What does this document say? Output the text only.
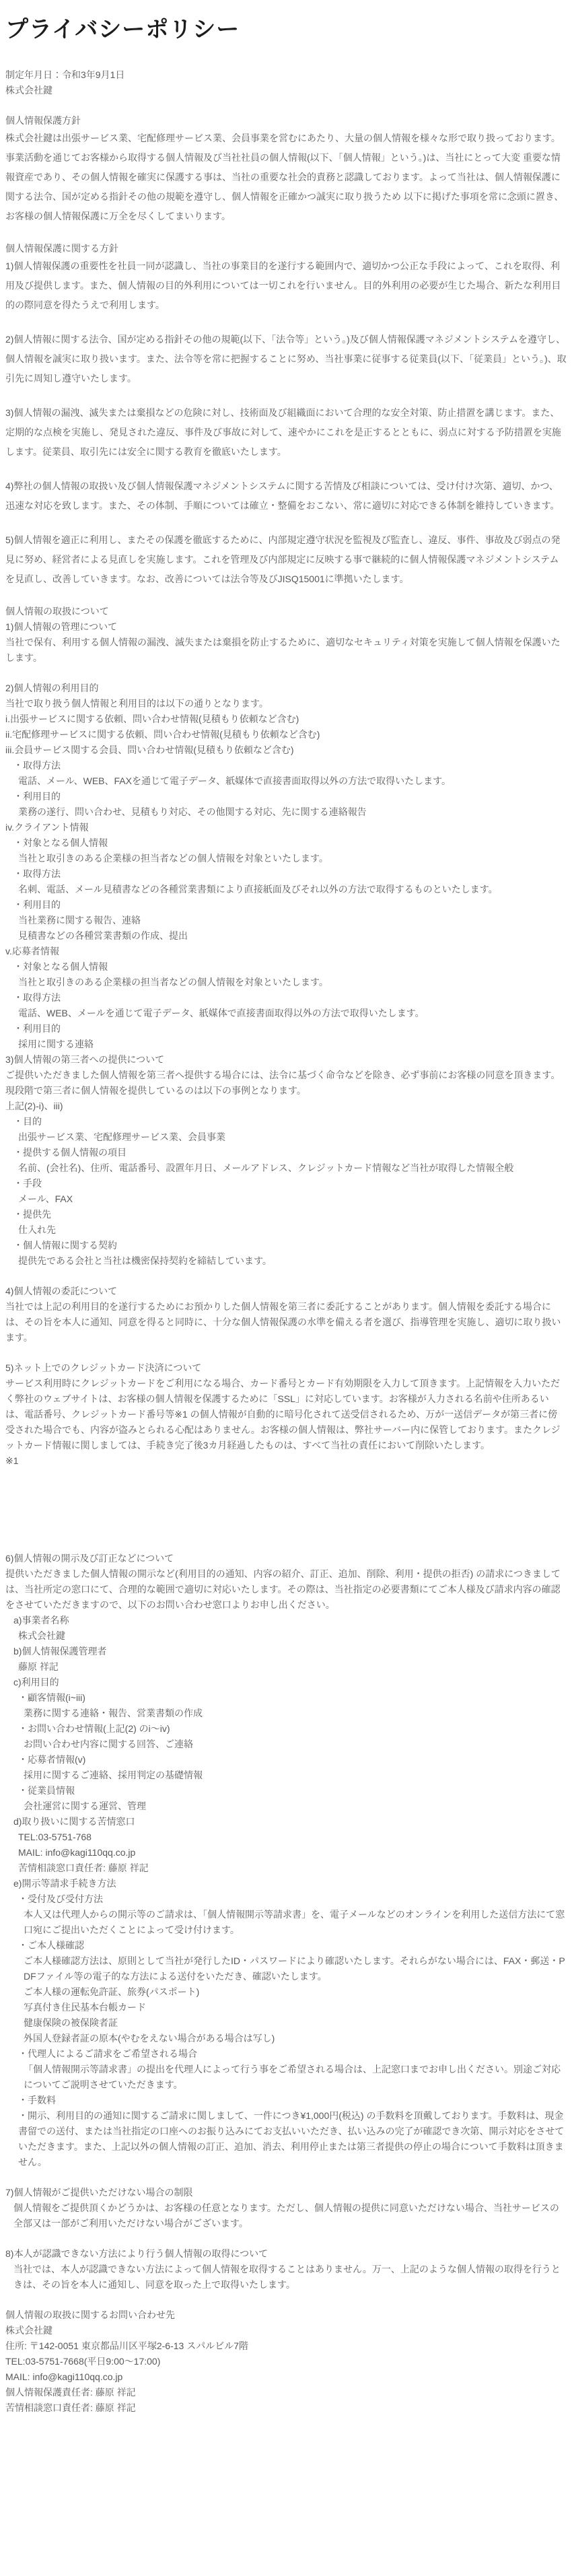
プライバシーポリシー

制定年月日：令和3年9月1日

株式会社鍵

個人情報保護方針

株式会社鍵は出張サービス業、宅配修理サービス業、会員事業を営むにあたり、大量の個人情報を様々な形で取り扱っております。事業活動を通じてお客様から取得する個人情報及び当社社員の個人情報(以下、「個人情報」という。)は、当社にとって大変 重要な情報資産であり、その個人情報を確実に保護する事は、当社の重要な社会的責務と認識しております。よって当社は、個人情報保護に関する法令、国が定める指針その他の規範を遵守し、個人情報を正確かつ誠実に取り扱うため 以下に掲げた事項を常に念頭に置き、お客様の個人情報保護に万全を尽くしてまいります。

個人情報保護に関する方針

1)個人情報保護の重要性を社員一同が認識し、当社の事業目的を遂行する範囲内で、適切かつ公正な手段によって、これを取得、利用及び提供します。また、個人情報の目的外利用については一切これを行いません。目的外利用の必要が生じた場合、新たな利用目的の際同意を得たうえで利用します。

2)個人情報に関する法令、国が定める指針その他の規範(以下、「法令等」という。)及び個人情報保護マネジメントシステムを遵守し、個人情報を誠実に取り扱います。また、法令等を常に把握することに努め、当社事業に従事する従業員(以下、「従業員」という。)、取引先に周知し遵守いたします。

3)個人情報の漏洩、滅失または棄損などの危険に対し、技術面及び組織面において合理的な安全対策、防止措置を講じます。また、定期的な点検を実施し、発見された違反、事件及び事故に対して、速やかにこれを是正するとともに、弱点に対する予防措置を実施します。従業員、取引先には安全に関する教育を徹底いたします。

4)弊社の個人情報の取扱い及び個人情報保護マネジメントシステムに関する苦情及び相談については、受け付け次第、適切、かつ、迅速な対応を致します。また、その体制、手順については確立・整備をおこない、常に適切に対応できる体制を維持していきます。

5)個人情報を適正に利用し、またその保護を徹底するために、内部規定遵守状況を監視及び監査し、違反、事件、事故及び弱点の発見に努め、経営者による見直しを実施します。これを管理及び内部規定に反映する事で継続的に個人情報保護マネジメントシステムを見直し、改善していきます。なお、改善については法令等及びJISQ15001に準拠いたします。

個人情報の取扱について

1)個人情報の管理について

当社で保有、利用する個人情報の漏洩、滅失または棄損を防止するために、適切なセキュリティ対策を実施して個人情報を保護いたします。

2)個人情報の利用目的

当社で取り扱う個人情報と利用目的は以下の通りとなります。

i.出張サービスに関する依頼、問い合わせ情報(見積もり依頼など含む)

ii.宅配修理サービスに関する依頼、問い合わせ情報(見積もり依頼など含む)

iii.会員サービス関する会員、問い合わせ情報(見積もり依頼など含む)

・取得方法

電話、メール、WEB、FAXを通じて電子データ、紙媒体で直接書面取得以外の方法で取得いたします。

・利用目的

業務の遂行、問い合わせ、見積もり対応、その他関する対応、先に関する連絡報告

iv.クライアント情報

・対象となる個人情報

当社と取引きのある企業様の担当者などの個人情報を対象といたします。

・取得方法

名刺、電話、メール見積書などの各種営業書類により直接紙面及びそれ以外の方法で取得するものといたします。

・利用目的

当社業務に関する報告、連絡

見積書などの各種営業書類の作成、提出

v.応募者情報

・対象となる個人情報

当社と取引きのある企業様の担当者などの個人情報を対象といたします。

・取得方法

電話、WEB、メールを通じて電子データ、紙媒体で直接書面取得以外の方法で取得いたします。

・利用目的

採用に関する連絡

3)個人情報の第三者への提供について

ご提供いただきました個人情報を第三者へ提供する場合には、法令に基づく命令などを除き、必ず事前にお客様の同意を頂きます。現段階で第三者に個人情報を提供しているのは以下の事例となります。

上記(2)-i)、iii)

・目的

出張サービス業、宅配修理サービス業、会員事業

・提供する個人情報の項目

名前、(会社名)、住所、電話番号、設置年月日、メールアドレス、クレジットカード情報など当社が取得した情報全般

・手段

メール、FAX

・提供先

仕入れ先

・個人情報に関する契約

提供先である会社と当社は機密保持契約を締結しています。

4)個人情報の委託について

当社では上記の利用目的を遂行するためにお預かりした個人情報を第三者に委託することがあります。個人情報を委託する場合には、その旨を本人に通知、同意を得ると同時に、十分な個人情報保護の水準を備える者を選び、指導管理を実施し、適切に取り扱います。

5)ネット上でのクレジットカード決済について

サービス利用時にクレジットカードをご利用になる場合、カード番号とカード有効期限を入力して頂きます。上記情報を入力いただく弊社のウェブサイトは、お客様の個人情報を保護するために「SSL」に対応しています。お客様が入力される名前や住所あるいは、電話番号、クレジットカード番号等※1 の個人情報が自動的に暗号化されて送受信されるため、万が一送信データが第三者に傍受された場合でも、内容が盗みとられる心配はありません。お客様の個人情報は、弊社サーバー内に保管しております。またクレジットカード情報に関しましては、手続き完了後3カ月経過したものは、すべて当社の責任において削除いたします。

※1

6)個人情報の開示及び訂正などについて

提供いただきました個人情報の開示など(利用目的の通知、内容の紹介、訂正、追加、削除、利用・提供の拒否) の請求につきましては、当社所定の窓口にて、合理的な範囲で適切に対応いたします。その際は、当社指定の必要書類にてご本人様及び請求内容の確認をさせていただきますので、以下のお問い合わせ窓口よりお申し出ください。

a)事業者名称

株式会社鍵

b)個人情報保護管理者

藤原 祥記

c)利用目的

・顧客情報(i~iii)

業務に関する連絡・報告、営業書類の作成

・お問い合わせ情報(上記(2) のi～iv)

お問い合わせ内容に関する回答、ご連絡

・応募者情報(v)

採用に関するご連絡、採用判定の基礎情報

・従業員情報

会社運営に関する運営、管理

d)取り扱いに関する苦情窓口

TEL:03-5751-768

MAIL: info@kagi110qq.co.jp

苦情相談窓口責任者: 藤原 祥記

e)開示等請求手続き方法

・受付及び受付方法

本人又は代理人からの開示等のご請求は、「個人情報開示等請求書」を、電子メールなどのオンラインを利用した送信方法にて窓口宛にご提出いただくことによって受け付けます。

・ご本人様確認

ご本人様確認方法は、原則として当社が発行したID・パスワードにより確認いたします。それらがない場合には、FAX・郵送・PDFファイル等の電子的な方法による送付をいただき、確認いたします。

ご本人様の運転免許証、旅券(パスポート)

写真付き住民基本台帳カード

健康保険の被保険者証

外国人登録者証の原本(やむをえない場合がある場合は写し)

・代理人によるご請求をご希望される場合

「個人情報開示等請求書」の提出を代理人によって行う事をご希望される場合は、上記窓口までお申し出ください。別途ご対応についてご説明させていただきます。

・手数料

・開示、利用目的の通知に関するご請求に関しまして、一件につき¥1,000円(税込) の手数料を頂戴しております。手数料は、現金書留での送付、または当社指定の口座へのお振り込みにてお支払いいただき、払い込みの完了が確認でき次第、開示対応をさせていただきます。また、上記以外の個人情報の訂正、追加、消去、利用停止または第三者提供の停止の場合について手数料は頂きません。

7)個人情報がご提供いただけない場合の制限

個人情報をご提供頂くかどうかは、お客様の任意となります。ただし、個人情報の提供に同意いただけない場合、当社サービスの全部又は一部がご利用いただけない場合がございます。

8)本人が認識できない方法により行う個人情報の取得について

当社では、本人が認識できない方法によって個人情報を取得することはありません。万一、上記のような個人情報の取得を行うときは、その旨を本人に通知し、同意を取った上で取得いたします。

個人情報の取扱に関するお問い合わせ先

株式会社鍵

住所: 〒142-0051 東京都品川区平塚2-6-13 スパルビル7階

TEL:03-5751-7668(平日9:00～17:00)

MAIL: info@kagi110qq.co.jp

個人情報保護責任者: 藤原 祥記

苦情相談窓口責任者: 藤原 祥記
